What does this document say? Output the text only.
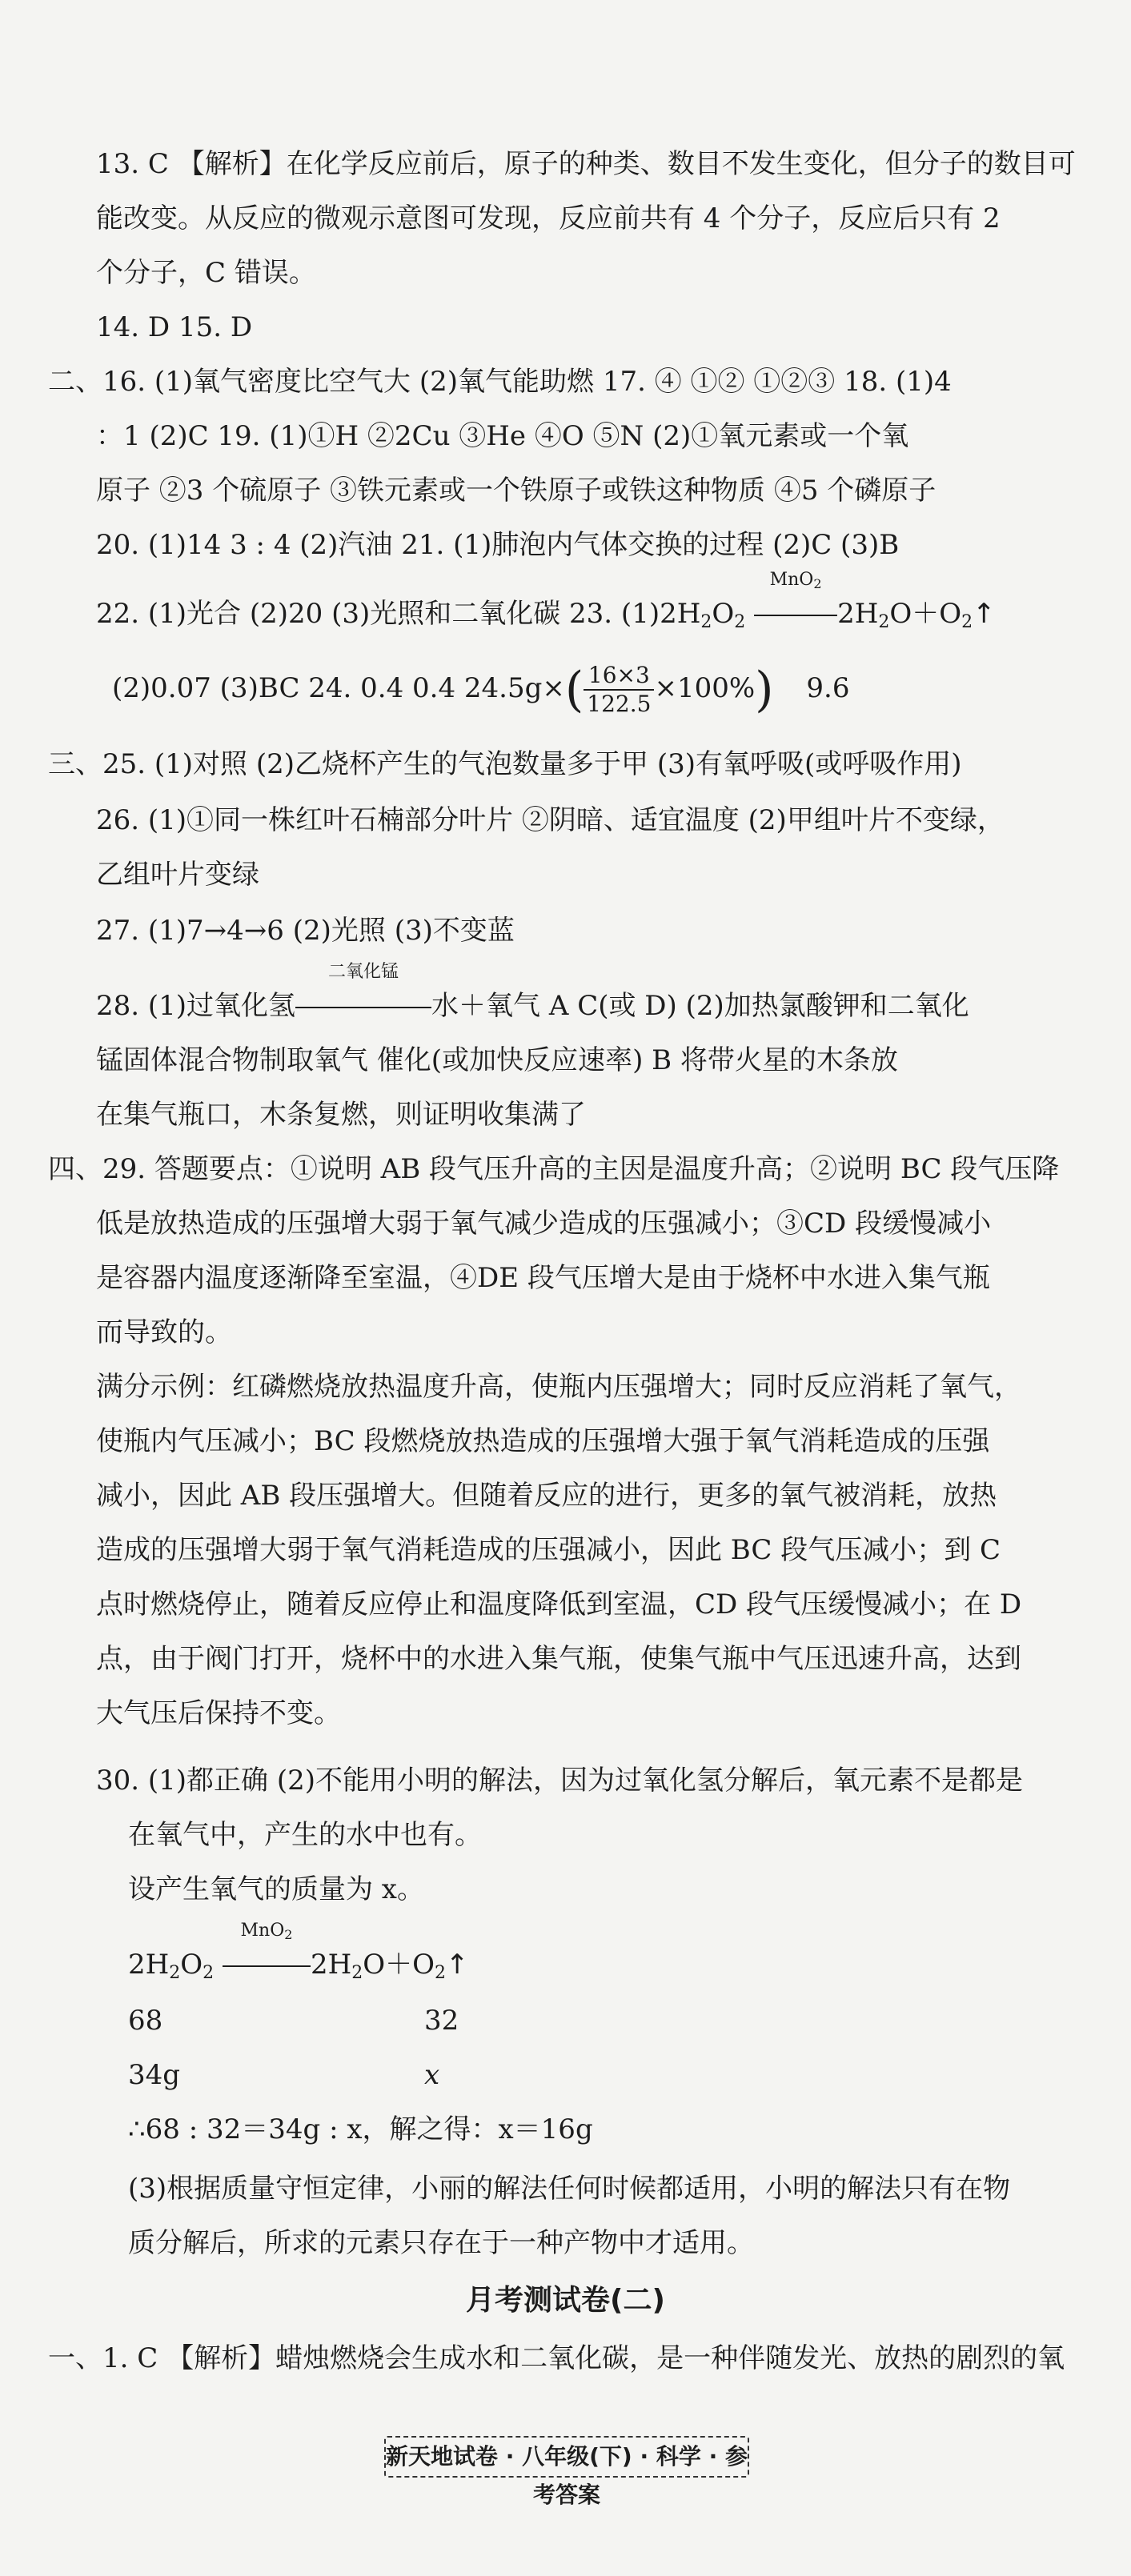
13. C 【解析】在化学反应前后，原子的种类、数目不发生变化，但分子的数目可
能改变。从反应的微观示意图可发现，反应前共有 4 个分子，反应后只有 2
个分子，C 错误。
14. D 15. D
二、16. (1)氧气密度比空气大 (2)氧气能助燃 17. ④ ①② ①②③ 18. (1)4
：1 (2)C 19. (1)①H ②2Cu ③He ④O ⑤N (2)①氧元素或一个氧
原子 ②3 个硫原子 ③铁元素或一个铁原子或铁这种物质 ④5 个磷原子
20. (1)14 3 : 4 (2)汽油 21. (1)肺泡内气体交换的过程 (2)C (3)B
22. (1)光合 (2)20 (3)光照和二氧化碳 23. $(1)2H_2O_2$
MnO2
$2H_2O+O_2↑$
(2)0.07 (3)BC 24. 0.4 0.4 $24.5g\times( \frac{16\times 3}{122.5} \times 100\%)$ 9.6
三、25. (1)对照 (2)乙烧杯产生的气泡数量多于甲 (3)有氧呼吸(或呼吸作用)
26. (1)①同一株红叶石楠部分叶片 ②阴暗、适宜温度 (2)甲组叶片不变绿，
乙组叶片变绿
27. (1)7→4→6 (2)光照 (3)不变蓝
28. (1)过氧化氢
二氧化锰
水＋氧气 A C(或 D) (2)加热氯酸钾和二氧化
锰固体混合物制取氧气 催化(或加快反应速率) B 将带火星的木条放
在集气瓶口，木条复燃，则证明收集满了
四、29. 答题要点：①说明 AB 段气压升高的主因是温度升高；②说明 BC 段气压降
低是放热造成的压强增大弱于氧气减少造成的压强减小；③CD 段缓慢减小
是容器内温度逐渐降至室温，④DE 段气压增大是由于烧杯中水进入集气瓶
而导致的。
满分示例：红磷燃烧放热温度升高，使瓶内压强增大；同时反应消耗了氧气，
使瓶内气压减小；BC 段燃烧放热造成的压强增大强于氧气消耗造成的压强
减小，因此 AB 段压强增大。但随着反应的进行，更多的氧气被消耗，放热
造成的压强增大弱于氧气消耗造成的压强减小，因此 BC 段气压减小；到 C
点时燃烧停止，随着反应停止和温度降低到室温，CD 段气压缓慢减小；在 D
点，由于阀门打开，烧杯中的水进入集气瓶，使集气瓶中气压迅速升高，达到
大气压后保持不变。
30. (1)都正确 (2)不能用小明的解法，因为过氧化氢分解后，氧元素不是都是
在氧气中，产生的水中也有。
设产生氧气的质量为 x。
$2H_2O_2$
MnO2
$2H_2O+O_2↑$
68	32
34g	x
∴68 : 32＝34g : x，解之得：x＝16g
(3)根据质量守恒定律，小丽的解法任何时候都适用，小明的解法只有在物
质分解后，所求的元素只存在于一种产物中才适用。
月考测试卷(二)
一、1. C 【解析】蜡烛燃烧会生成水和二氧化碳，是一种伴随发光、放热的剧烈的氧
新天地试卷 · 八年级(下) · 科学 · 参考答案
